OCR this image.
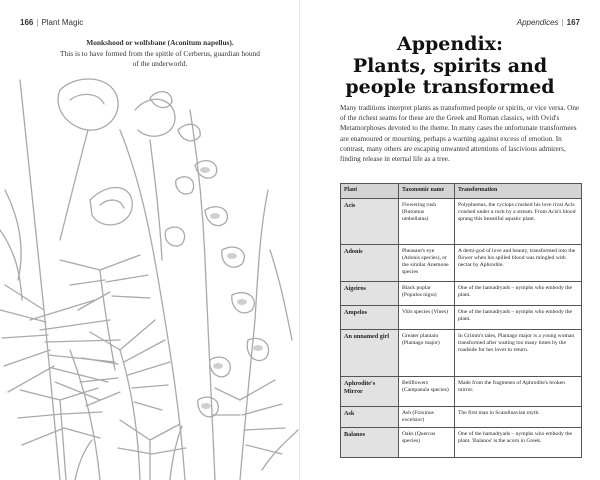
166 | Plant Magic
Monkshood or wolfsbane (Aconitum napellus).
This is to have formed from the spittle of Cerberus, guardian hound of the underworld.
Appendices | 167
Appendix:
Plants, spirits and
people transformed

Many traditions interpret plants as transformed people or spirits, or vice versa. One of the richest seams for these are the Greek and Roman classics, with Ovid's Metamorphoses devoted to the theme. In many cases the unfortunate transformees are enamoured or mourning, perhaps a warning against excess of emotion. In contrast, many others are escaping unwanted attentions of lascivious admirers, finding release in eternal life as a tree.

Plant	Taxonomic name	Transformation
Acis	Flowering rush (Butomus umbellatus)	Polyphemus, the cyclops crushed his love rival Acis crushed under a rock by a stream. From Acis's blood sprang this beautiful aquatic plant.
Adonis	Pheasant's eye (Adonis species), or the similar Anemone species	A demi-god of love and beauty, transformed into the flower when his spilled blood was mingled with nectar by Aphrodite.
Aigeiros	Black poplar (Populus nigra)	One of the hamadryads – nymphs who embody the plant.
Ampelos	Vitis species (Vines)	One of the hamadryads – nymphs who embody the plant.
An unnamed girl	Greater plantain (Plantago major)	In Grimm's tales, Plantago major is a young woman transformed after waiting too many times by the roadside for her lover to return.
Aphrodite's Mirror	Bellflowers (Campanula species)	Made from the fragments of Aphrodite's broken mirror.
Ask	Ash (Fraxinus excelsior)	The first man in Scandinavian myth.
Balanos	Oaks (Quercus species)	One of the hamadryads – nymphs who embody the plant. 'Balanos' is the acorn in Greek.
